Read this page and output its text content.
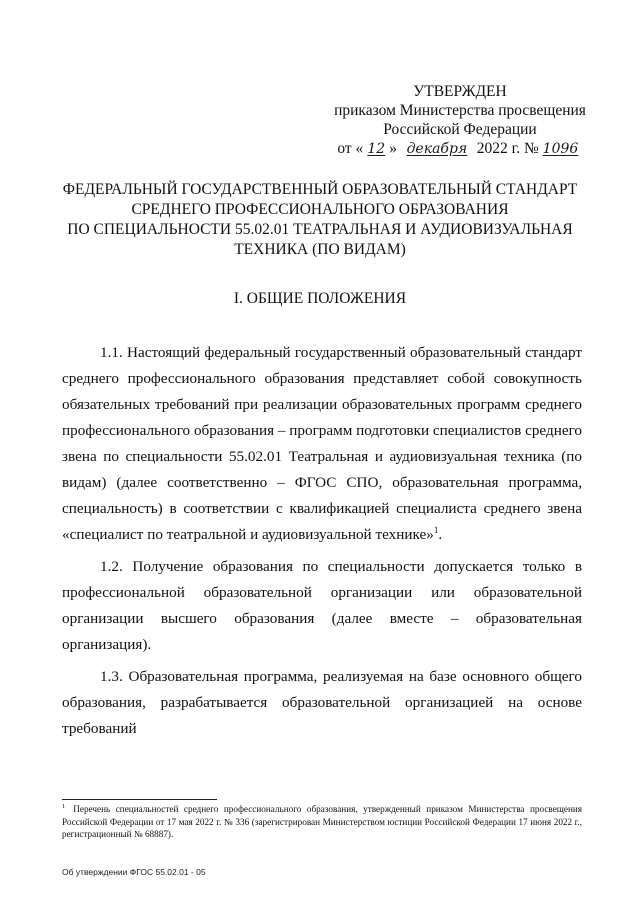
УТВЕРЖДЕН
приказом Министерства просвещения
Российской Федерации
от « 12 » декабря 2022 г. № 1096
ФЕДЕРАЛЬНЫЙ ГОСУДАРСТВЕННЫЙ ОБРАЗОВАТЕЛЬНЫЙ СТАНДАРТ
СРЕДНЕГО ПРОФЕССИОНАЛЬНОГО ОБРАЗОВАНИЯ
ПО СПЕЦИАЛЬНОСТИ 55.02.01 ТЕАТРАЛЬНАЯ И АУДИОВИЗУАЛЬНАЯ
ТЕХНИКА (ПО ВИДАМ)
I. ОБЩИЕ ПОЛОЖЕНИЯ

1.1. Настоящий федеральный государственный образовательный стандарт среднего профессионального образования представляет собой совокупность обязательных требований при реализации образовательных программ среднего профессионального образования – программ подготовки специалистов среднего звена по специальности 55.02.01 Театральная и аудиовизуальная техника (по видам) (далее соответственно – ФГОС СПО, образовательная программа, специальность) в соответствии с квалификацией специалиста среднего звена «специалист по театральной и аудиовизуальной технике»$^1$.

1.2. Получение образования по специальности допускается только в профессиональной образовательной организации или образовательной организации высшего образования (далее вместе – образовательная организация).

1.3. Образовательная программа, реализуемая на базе основного общего образования, разрабатывается образовательной организацией на основе требований

$^1$ Перечень специальностей среднего профессионального образования, утвержденный приказом Министерства просвещения Российской Федерации от 17 мая 2022 г. № 336 (зарегистрирован Министерством юстиции Российской Федерации 17 июня 2022 г., регистрационный № 68887).
Об утверждении ФГОС 55.02.01 - 05
